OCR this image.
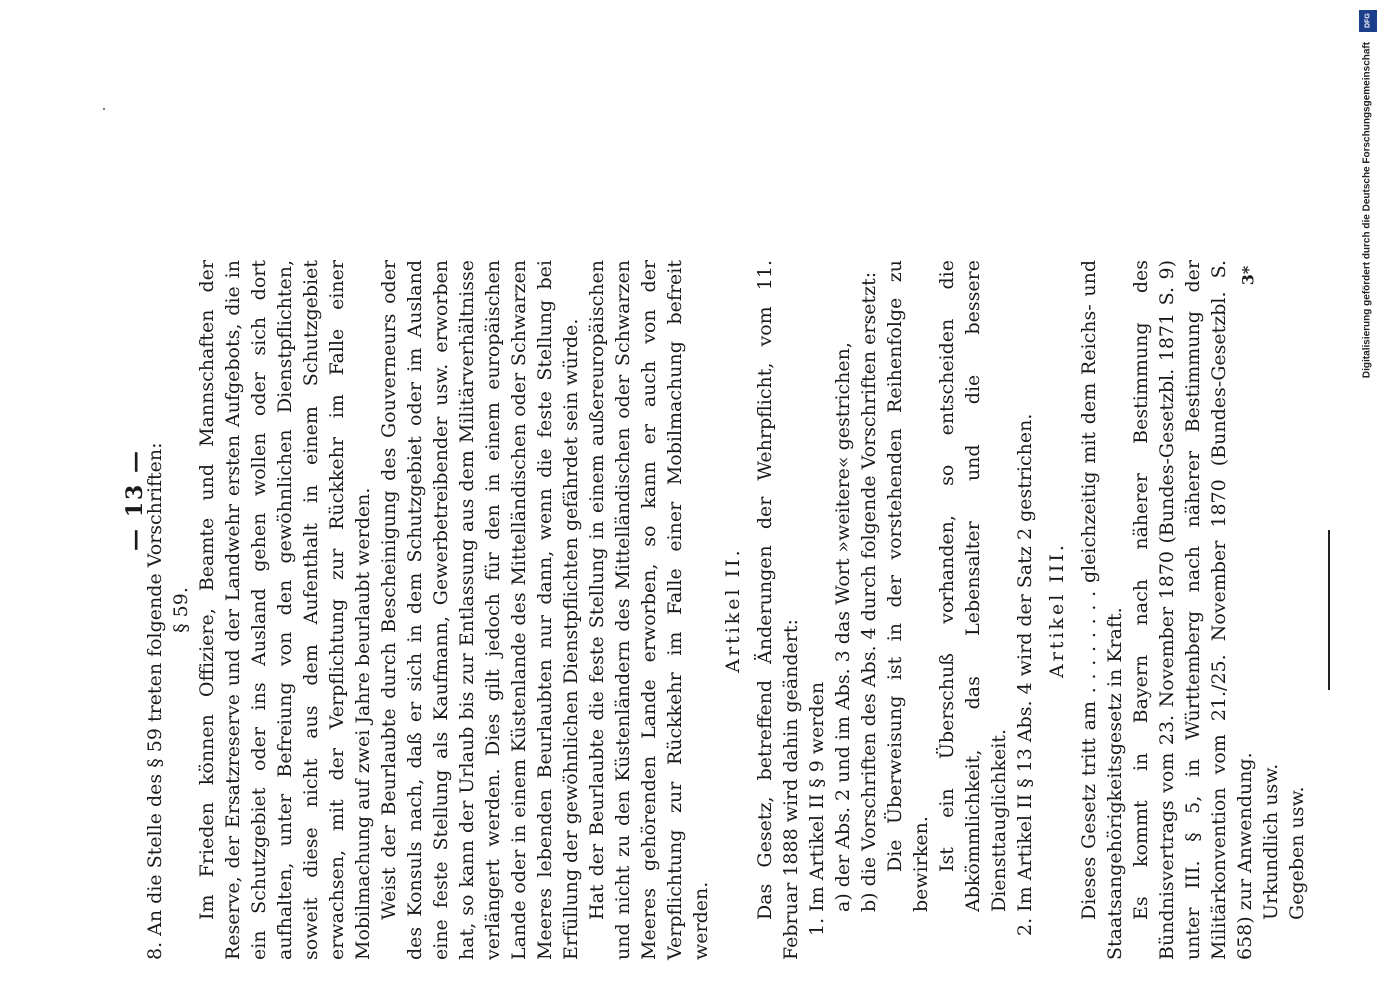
— 13 —

8. An die Stelle des § 59 treten folgende Vorschriften: § 59. Im Frieden können Offiziere, Beamte und Mannschaften der Reserve, der Ersatzreserve und der Landwehr ersten Aufgebots, die in ein Schutzgebiet oder ins Ausland gehen wollen oder sich dort aufhalten, unter Befreiung von den gewöhnlichen Dienstpflichten, soweit diese nicht aus dem Aufenthalt in einem Schutzgebiet erwachsen, mit der Verpflichtung zur Rückkehr im Falle einer Mobilmachung auf zwei Jahre beurlaubt werden. Weist der Beurlaubte durch Bescheinigung des Gouverneurs oder des Konsuls nach, daß er sich in dem Schutzgebiet oder im Ausland eine feste Stellung als Kaufmann, Gewerbetreibender usw. erworben hat, so kann der Urlaub bis zur Entlassung aus dem Militärverhältnisse verlängert werden. Dies gilt jedoch für den in einem europäischen Lande oder in einem Küstenlande des Mittelländischen oder Schwarzen Meeres lebenden Beurlaubten nur dann, wenn die feste Stellung bei Erfüllung der gewöhnlichen Dienstpflichten gefährdet sein würde. Hat der Beurlaubte die feste Stellung in einem außereuropäischen und nicht zu den Küstenländern des Mittelländischen oder Schwarzen Meeres gehörenden Lande erworben, so kann er auch von der Verpflichtung zur Rückkehr im Falle einer Mobilmachung befreit werden.

Artikel II. Das Gesetz, betreffend Änderungen der Wehrpflicht, vom 11. Februar 1888 wird dahin geändert: 1. Im Artikel II § 9 werden a) der Abs. 2 und im Abs. 3 das Wort »weitere« gestrichen, b) die Vorschriften des Abs. 4 durch folgende Vorschriften ersetzt: Die Überweisung ist in der vorstehenden Reihenfolge zu bewirken. Ist ein Überschuß vorhanden, so entscheiden die Abkömmlichkeit, das Lebensalter und die bessere Diensttauglichkeit. 2. Im Artikel II § 13 Abs. 4 wird der Satz 2 gestrichen. Artikel III. Dieses Gesetz tritt am . . . . . . . . gleichzeitig mit dem Reichs- und Staatsangehörigkeitsgesetz in Kraft. Es kommt in Bayern nach näherer Bestimmung des Bündnisvertrags vom 23. November 1870 (Bundes-Gesetzbl. 1871 S. 9) unter III. § 5, in Württemberg nach näherer Bestimmung der Militärkonvention vom 21./25. November 1870 (Bundes-Gesetzbl. S. 658) zur Anwendung. Urkundlich usw. Gegeben usw.

3*	Digitalisierung gefördert durch die Deutsche Forschungsgemeinschaft
DFG
